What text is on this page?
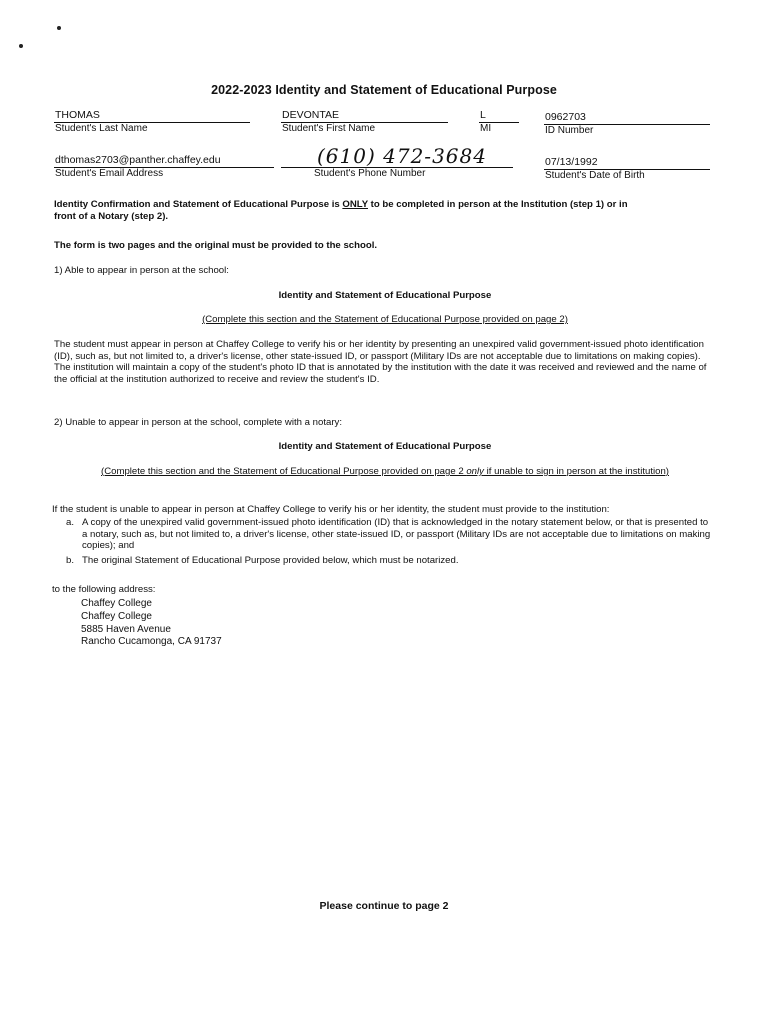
2022-2023 Identity and Statement of Educational Purpose
THOMAS
Student's Last Name
DEVONTAE
Student's First Name
L
MI
0962703
ID Number
dthomas2703@panther.chaffey.edu
Student's Email Address
(610) 472-3684
Student's Phone Number
07/13/1992
Student's Date of Birth
Identity Confirmation and Statement of Educational Purpose is ONLY to be completed in person at the Institution (step 1) or in front of a Notary (step 2).
The form is two pages and the original must be provided to the school.
1) Able to appear in person at the school:
Identity and Statement of Educational Purpose
(Complete this section and the Statement of Educational Purpose provided on page 2)
The student must appear in person at Chaffey College to verify his or her identity by presenting an unexpired valid government-issued photo identification (ID), such as, but not limited to, a driver's license, other state-issued ID, or passport (Military IDs are not acceptable due to limitations on making copies). The institution will maintain a copy of the student's photo ID that is annotated by the institution with the date it was received and reviewed and the name of the official at the institution authorized to receive and review the student's ID.
2) Unable to appear in person at the school, complete with a notary:
Identity and Statement of Educational Purpose
(Complete this section and the Statement of Educational Purpose provided on page 2 only if unable to sign in person at the institution)
If the student is unable to appear in person at Chaffey College to verify his or her identity, the student must provide to the institution:
a. A copy of the unexpired valid government-issued photo identification (ID) that is acknowledged in the notary statement below, or that is presented to a notary, such as, but not limited to, a driver's license, other state-issued ID, or passport (Military IDs are not acceptable due to limitations on making copies); and
b. The original Statement of Educational Purpose provided below, which must be notarized.
to the following address:
Chaffey College
Chaffey College
5885 Haven Avenue
Rancho Cucamonga, CA 91737
Please continue to page 2
